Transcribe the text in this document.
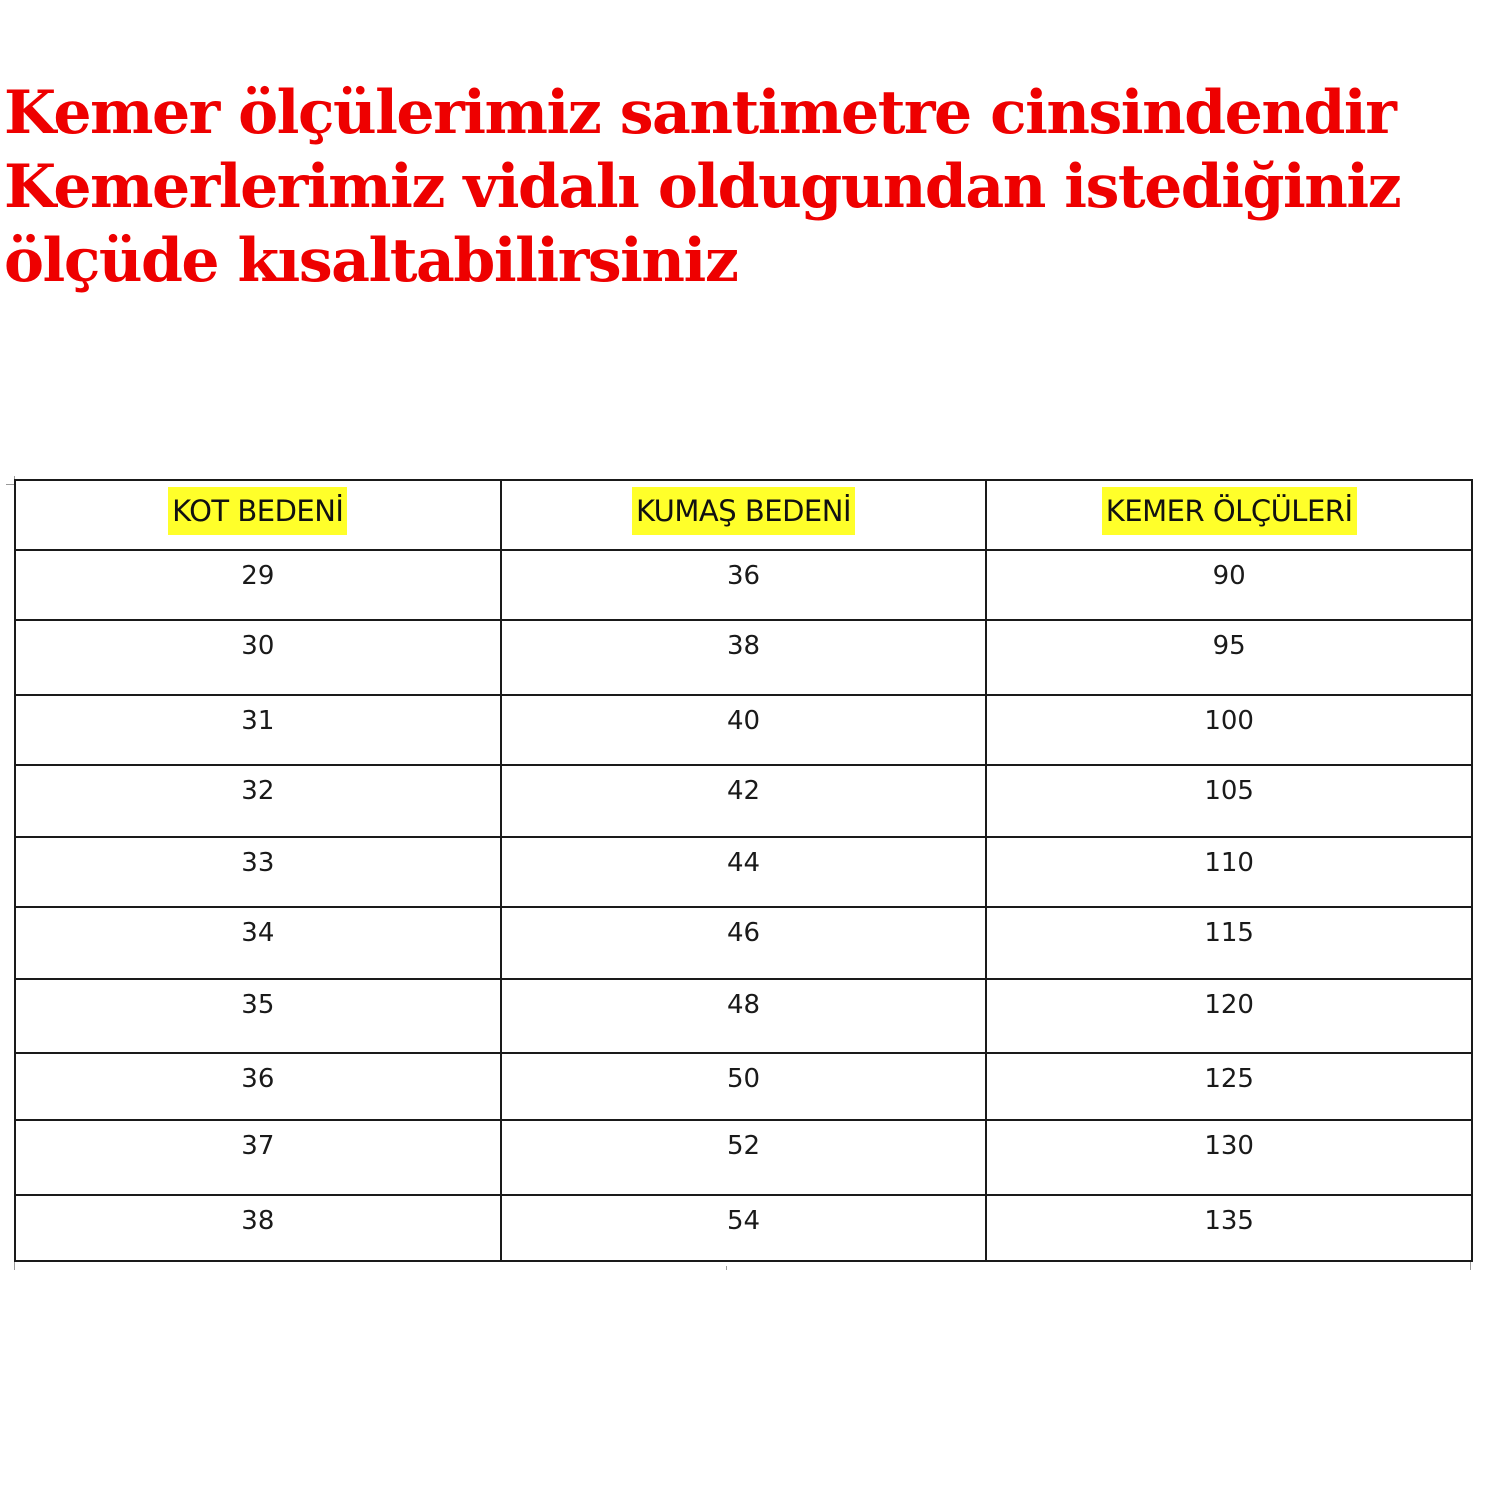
Kemer ölçülerimiz santimetre cinsindendir
Kemerlerimiz vidalı oldugundan istediğiniz
ölçüde kısaltabilirsiniz
KOT BEDENİ	KUMAŞ BEDENİ	KEMER ÖLÇÜLERİ
29	36	90
30	38	95
31	40	100
32	42	105
33	44	110
34	46	115
35	48	120
36	50	125
37	52	130
38	54	135
